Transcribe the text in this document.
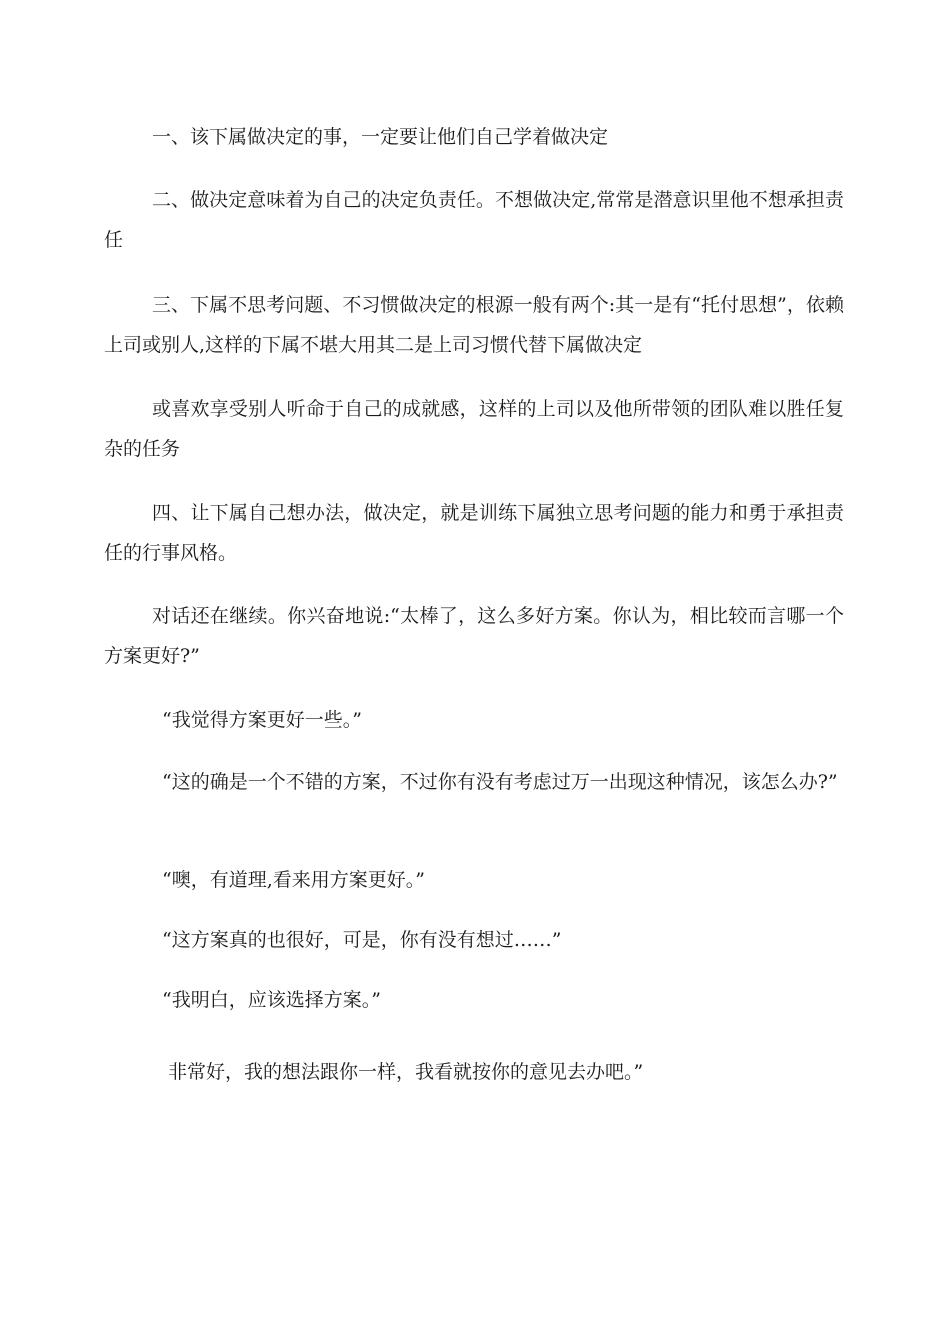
一、该下属做决定的事，一定要让他们自己学着做决定

二、做决定意味着为自己的决定负责任。不想做决定,常常是潜意识里他不想承担责任

三、下属不思考问题、不习惯做决定的根源一般有两个:其一是有“托付思想”，依赖上司或别人,这样的下属不堪大用其二是上司习惯代替下属做决定

或喜欢享受别人听命于自己的成就感，这样的上司以及他所带领的团队难以胜任复杂的任务

四、让下属自己想办法，做决定，就是训练下属独立思考问题的能力和勇于承担责任的行事风格。

对话还在继续。你兴奋地说:“太棒了，这么多好方案。你认为，相比较而言哪一个方案更好?”

“我觉得方案更好一些。”

“这的确是一个不错的方案，不过你有没有考虑过万一出现这种情况，该怎么办?”

“噢，有道理,看来用方案更好。”

“这方案真的也很好，可是，你有没有想过……”

“我明白，应该选择方案。”

非常好，我的想法跟你一样，我看就按你的意见去办吧。”
